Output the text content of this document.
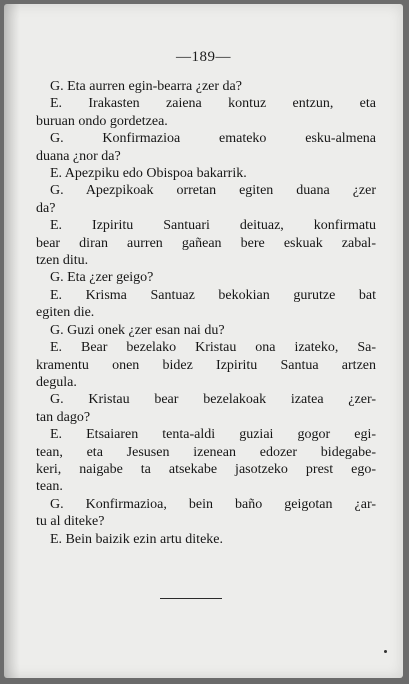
—189—
G. Eta aurren egin-bearra ¿zer da?
E. Irakasten zaiena kontuz entzun, eta
buruan ondo gordetzea.
G. Konfirmazioa emateko esku-almena
duana ¿nor da?
E. Apezpiku edo Obispoa bakarrik.
G. Apezpikoak orretan egiten duana ¿zer
da?
E. Izpiritu Santuari deituaz, konfirmatu
bear diran aurren gañean bere eskuak zabal-
tzen ditu.
G. Eta ¿zer geigo?
E. Krisma Santuaz bekokian gurutze bat
egiten die.
G. Guzi onek ¿zer esan nai du?
E. Bear bezelako Kristau ona izateko, Sa-
kramentu onen bidez Izpiritu Santua artzen
degula.
G. Kristau bear bezelakoak izatea ¿zer-
tan dago?
E. Etsaiaren tenta-aldi guziai gogor egi-
tean, eta Jesusen izenean edozer bidegabe-
keri, naigabe ta atsekabe jasotzeko prest ego-
tean.
G. Konfirmazioa, bein baño geigotan ¿ar-
tu al diteke?
E. Bein baizik ezin artu diteke.
